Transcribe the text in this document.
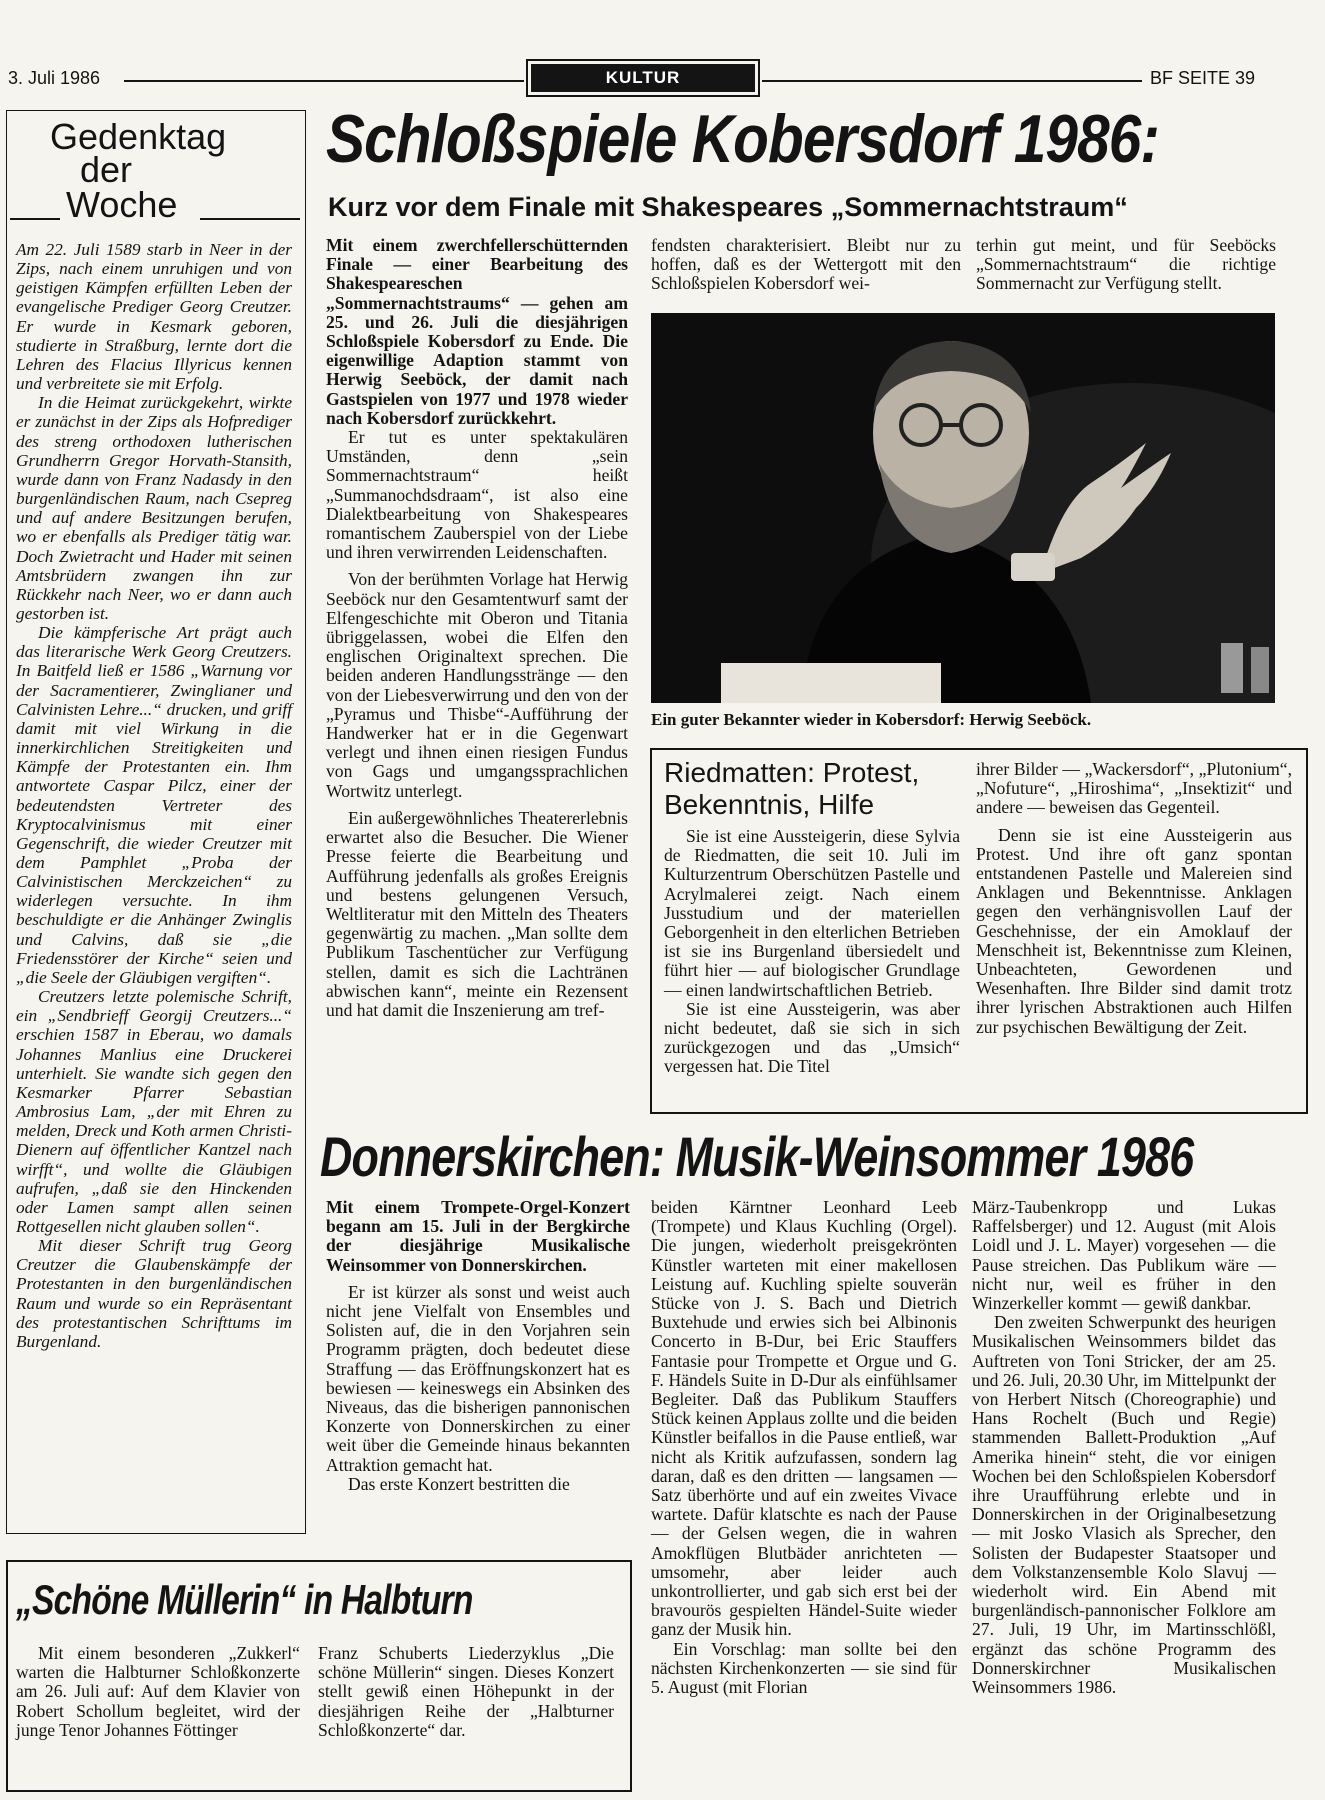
3. Juli 1986	KULTUR	BF SEITE 39
Gedenktag
der
Woche

Am 22. Juli 1589 starb in Neer in der Zips, nach einem unruhigen und von geistigen Kämpfen erfüllten Leben der evangelische Prediger Georg Creutzer. Er wurde in Kesmark geboren, studierte in Straßburg, lernte dort die Lehren des Flacius Illyricus kennen und verbreitete sie mit Erfolg.

In die Heimat zurückgekehrt, wirkte er zunächst in der Zips als Hofprediger des streng orthodoxen lutherischen Grundherrn Gregor Horvath-Stansith, wurde dann von Franz Nadasdy in den burgenländischen Raum, nach Csepreg und auf andere Besitzungen berufen, wo er ebenfalls als Prediger tätig war. Doch Zwietracht und Hader mit seinen Amtsbrüdern zwangen ihn zur Rückkehr nach Neer, wo er dann auch gestorben ist.

Die kämpferische Art prägt auch das literarische Werk Georg Creutzers. In Baitfeld ließ er 1586 „Warnung vor der Sacramentierer, Zwinglianer und Calvinisten Lehre...“ drucken, und griff damit mit viel Wirkung in die innerkirchlichen Streitigkeiten und Kämpfe der Protestanten ein. Ihm antwortete Caspar Pilcz, einer der bedeutendsten Vertreter des Kryptocalvinismus mit einer Gegenschrift, die wieder Creutzer mit dem Pamphlet „Proba der Calvinistischen Merckzeichen“ zu widerlegen versuchte. In ihm beschuldigte er die Anhänger Zwinglis und Calvins, daß sie „die Friedensstörer der Kirche“ seien und „die Seele der Gläubigen vergiften“.

Creutzers letzte polemische Schrift, ein „Sendbrieff Georgij Creutzers...“ erschien 1587 in Eberau, wo damals Johannes Manlius eine Druckerei unterhielt. Sie wandte sich gegen den Kesmarker Pfarrer Sebastian Ambrosius Lam, „der mit Ehren zu melden, Dreck und Koth armen Christi-Dienern auf öffentlicher Kantzel nach wirfft“, und wollte die Gläubigen aufrufen, „daß sie den Hinckenden oder Lamen sampt allen seinen Rottgesellen nicht glauben sollen“.

Mit dieser Schrift trug Georg Creutzer die Glaubenskämpfe der Protestanten in den burgenländischen Raum und wurde so ein Repräsentant des protestantischen Schrifttums im Burgenland.

Schloßspiele Kobersdorf 1986:
Kurz vor dem Finale mit Shakespeares „Sommernachtstraum“

Mit einem zwerchfellerschütternden Finale — einer Bearbeitung des Shakespeareschen „Sommernachtstraums“ — gehen am 25. und 26. Juli die diesjährigen Schloßspiele Kobersdorf zu Ende. Die eigenwillige Adaption stammt von Herwig Seeböck, der damit nach Gastspielen von 1977 und 1978 wieder nach Kobersdorf zurückkehrt.

Er tut es unter spektakulären Umständen, denn „sein Sommernachtstraum“ heißt „Summanochdsdraam“, ist also eine Dialektbearbeitung von Shakespeares romantischem Zauberspiel von der Liebe und ihren verwirrenden Leidenschaften.

Von der berühmten Vorlage hat Herwig Seeböck nur den Gesamtentwurf samt der Elfengeschichte mit Oberon und Titania übriggelassen, wobei die Elfen den englischen Originaltext sprechen. Die beiden anderen Handlungsstränge — den von der Liebesverwirrung und den von der „Pyramus und Thisbe“-Aufführung der Handwerker hat er in die Gegenwart verlegt und ihnen einen riesigen Fundus von Gags und umgangssprachlichen Wortwitz unterlegt.

Ein außergewöhnliches Theatererlebnis erwartet also die Besucher. Die Wiener Presse feierte die Bearbeitung und Aufführung jedenfalls als großes Ereignis und bestens gelungenen Versuch, Weltliteratur mit den Mitteln des Theaters gegenwärtig zu machen. „Man sollte dem Publikum Taschentücher zur Verfügung stellen, damit es sich die Lachtränen abwischen kann“, meinte ein Rezensent und hat damit die Inszenierung am tref-

fendsten charakterisiert. Bleibt nur zu hoffen, daß es der Wettergott mit den Schloßspielen Kobersdorf wei-

terhin gut meint, und für Seeböcks „Sommernachtstraum“ die richtige Sommernacht zur Verfügung stellt.

Ein guter Bekannter wieder in Kobersdorf: Herwig Seeböck.
Riedmatten: Protest,
Bekenntnis, Hilfe

Sie ist eine Aussteigerin, diese Sylvia de Riedmatten, die seit 10. Juli im Kulturzentrum Oberschützen Pastelle und Acrylmalerei zeigt. Nach einem Jusstudium und der materiellen Geborgenheit in den elterlichen Betrieben ist sie ins Burgenland übersiedelt und führt hier — auf biologischer Grundlage — einen landwirtschaftlichen Betrieb.

Sie ist eine Aussteigerin, was aber nicht bedeutet, daß sie sich in sich zurückgezogen und das „Umsich“ vergessen hat. Die Titel

ihrer Bilder — „Wackersdorf“, „Plutonium“, „Nofuture“, „Hiroshima“, „Insektizit“ und andere — beweisen das Gegenteil.

Denn sie ist eine Aussteigerin aus Protest. Und ihre oft ganz spontan entstandenen Pastelle und Malereien sind Anklagen und Bekenntnisse. Anklagen gegen den verhängnisvollen Lauf der Geschehnisse, der ein Amoklauf der Menschheit ist, Bekenntnisse zum Kleinen, Unbeachteten, Gewordenen und Wesenhaften. Ihre Bilder sind damit trotz ihrer lyrischen Abstraktionen auch Hilfen zur psychischen Bewältigung der Zeit.

Donnerskirchen: Musik-Weinsommer 1986

Mit einem Trompete-Orgel-Konzert begann am 15. Juli in der Bergkirche der diesjährige Musikalische Weinsommer von Donnerskirchen.

Er ist kürzer als sonst und weist auch nicht jene Vielfalt von Ensembles und Solisten auf, die in den Vorjahren sein Programm prägten, doch bedeutet diese Straffung — das Eröffnungskonzert hat es bewiesen — keineswegs ein Absinken des Niveaus, das die bisherigen pannonischen Konzerte von Donnerskirchen zu einer weit über die Gemeinde hinaus bekannten Attraktion gemacht hat.

Das erste Konzert bestritten die

beiden Kärntner Leonhard Leeb (Trompete) und Klaus Kuchling (Orgel). Die jungen, wiederholt preisgekrönten Künstler warteten mit einer makellosen Leistung auf. Kuchling spielte souverän Stücke von J. S. Bach und Dietrich Buxtehude und erwies sich bei Albinonis Concerto in B-Dur, bei Eric Stauffers Fantasie pour Trompette et Orgue und G. F. Händels Suite in D-Dur als einfühlsamer Begleiter. Daß das Publikum Stauffers Stück keinen Applaus zollte und die beiden Künstler beifallos in die Pause entließ, war nicht als Kritik aufzufassen, sondern lag daran, daß es den dritten — langsamen — Satz überhörte und auf ein zweites Vivace wartete. Dafür klatschte es nach der Pause — der Gelsen wegen, die in wahren Amokflügen Blutbäder anrichteten — umsomehr, aber leider auch unkontrollierter, und gab sich erst bei der bravourös gespielten Händel-Suite wieder ganz der Musik hin.

Ein Vorschlag: man sollte bei den nächsten Kirchenkonzerten — sie sind für 5. August (mit Florian

März-Taubenkropp und Lukas Raffelsberger) und 12. August (mit Alois Loidl und J. L. Mayer) vorgesehen — die Pause streichen. Das Publikum wäre — nicht nur, weil es früher in den Winzerkeller kommt — gewiß dankbar.

Den zweiten Schwerpunkt des heurigen Musikalischen Weinsommers bildet das Auftreten von Toni Stricker, der am 25. und 26. Juli, 20.30 Uhr, im Mittelpunkt der von Herbert Nitsch (Choreographie) und Hans Rochelt (Buch und Regie) stammenden Ballett-Produktion „Auf Amerika hinein“ steht, die vor einigen Wochen bei den Schloßspielen Kobersdorf ihre Uraufführung erlebte und in Donnerskirchen in der Originalbesetzung — mit Josko Vlasich als Sprecher, den Solisten der Budapester Staatsoper und dem Volkstanzensemble Kolo Slavuj — wiederholt wird. Ein Abend mit burgenländisch-pannonischer Folklore am 27. Juli, 19 Uhr, im Martinsschlößl, ergänzt das schöne Programm des Donnerskirchner Musikalischen Weinsommers 1986.

„Schöne Müllerin“ in Halbturn

Mit einem besonderen „Zukkerl“ warten die Halbturner Schloßkonzerte am 26. Juli auf: Auf dem Klavier von Robert Schollum begleitet, wird der junge Tenor Johannes Föttinger

Franz Schuberts Liederzyklus „Die schöne Müllerin“ singen. Dieses Konzert stellt gewiß einen Höhepunkt in der diesjährigen Reihe der „Halbturner Schloßkonzerte“ dar.
